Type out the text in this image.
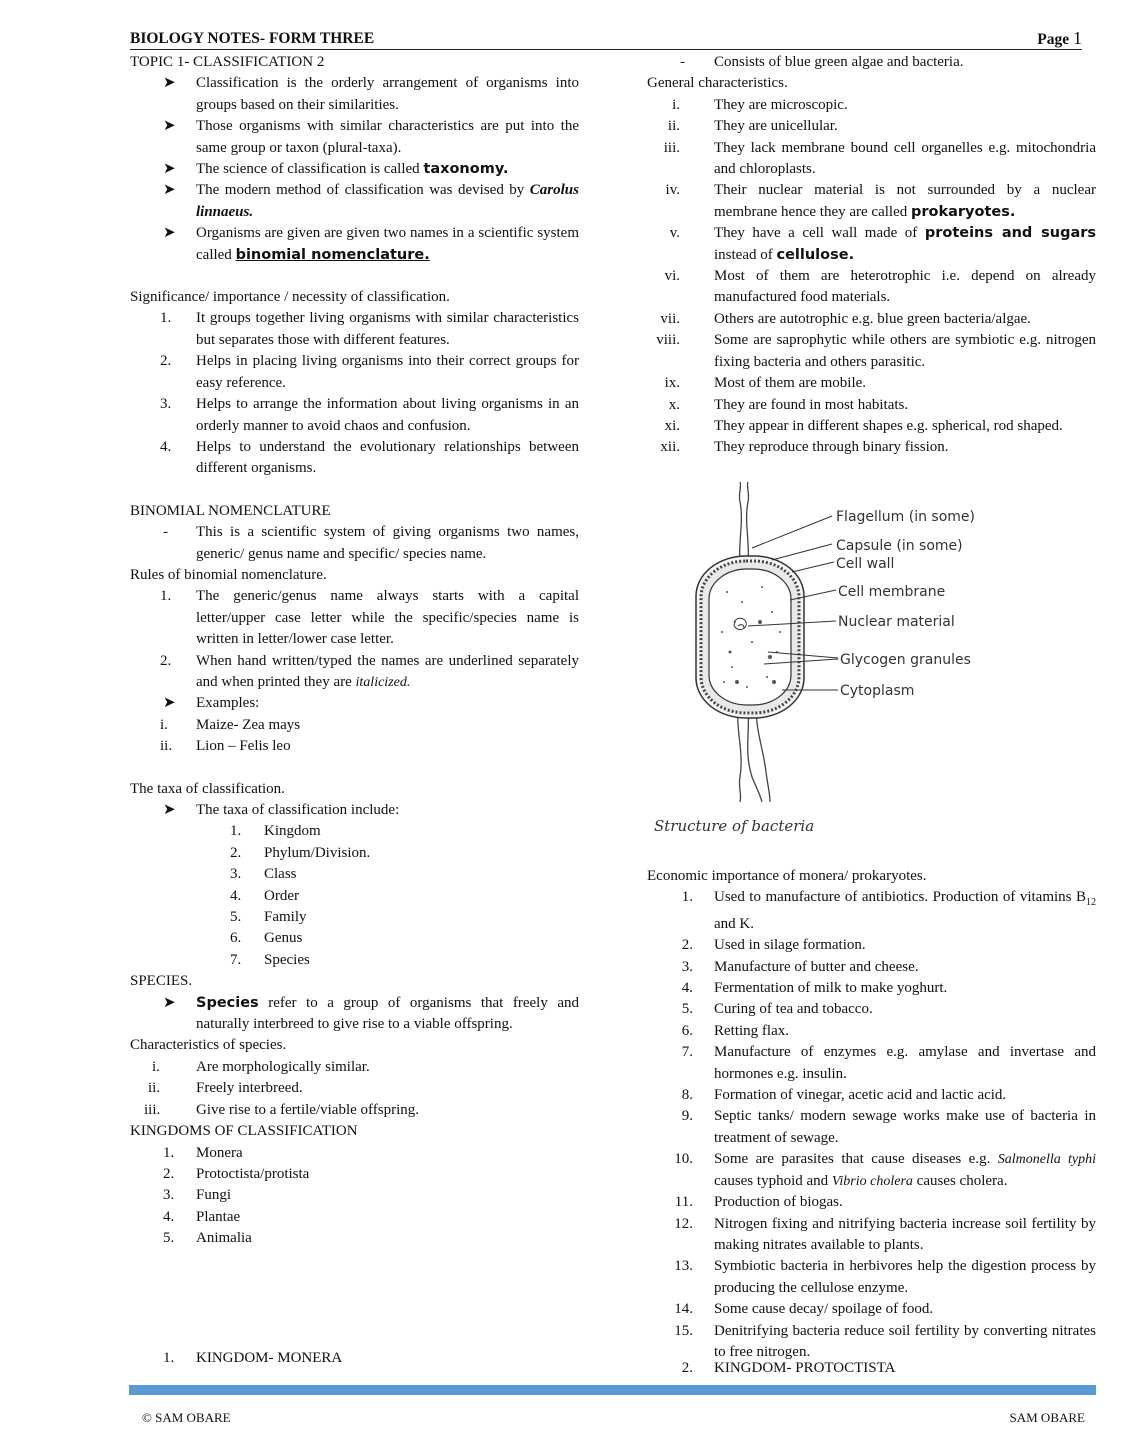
BIOLOGY NOTES- FORM THREE	Page 1
TOPIC 1- CLASSIFICATION 2
➤ Classification is the orderly arrangement of organisms into groups based on their similarities.
➤ Those organisms with similar characteristics are put into the same group or taxon (plural-taxa).
➤ The science of classification is called taxonomy.
➤ The modern method of classification was devised by Carolus linnaeus.
➤ Organisms are given are given two names in a scientific system called binomial nomenclature.
Significance/ importance / necessity of classification.
1. It groups together living organisms with similar characteristics but separates those with different features.
2. Helps in placing living organisms into their correct groups for easy reference.
3. Helps to arrange the information about living organisms in an orderly manner to avoid chaos and confusion.
4. Helps to understand the evolutionary relationships between different organisms.
BINOMIAL NOMENCLATURE
- This is a scientific system of giving organisms two names, generic/ genus name and specific/ species name.
Rules of binomial nomenclature.
1. The generic/genus name always starts with a capital letter/upper case letter while the specific/species name is written in letter/lower case letter.
2. When hand written/typed the names are underlined separately and when printed they are italicized.
➤ Examples:
i. Maize- Zea mays
ii. Lion – Felis leo
The taxa of classification.
➤ The taxa of classification include:
1. Kingdom
2. Phylum/Division.
3. Class
4. Order
5. Family
6. Genus
7. Species
SPECIES.
➤ Species refer to a group of organisms that freely and naturally interbreed to give rise to a viable offspring.
Characteristics of species.
i. Are morphologically similar.
ii. Freely interbreed.
iii. Give rise to a fertile/viable offspring.
KINGDOMS OF CLASSIFICATION
1. Monera
2. Protoctista/protista
3. Fungi
4. Plantae
5. Animalia
1. KINGDOM- MONERA
- Consists of blue green algae and bacteria.
General characteristics.
i. They are microscopic.
ii. They are unicellular.
iii. They lack membrane bound cell organelles e.g. mitochondria and chloroplasts.
iv. Their nuclear material is not surrounded by a nuclear membrane hence they are called prokaryotes.
v. They have a cell wall made of proteins and sugars instead of cellulose.
vi. Most of them are heterotrophic i.e. depend on already manufactured food materials.
vii. Others are autotrophic e.g. blue green bacteria/algae.
viii. Some are saprophytic while others are symbiotic e.g. nitrogen fixing bacteria and others parasitic.
ix. Most of them are mobile.
x. They are found in most habitats.
xi. They appear in different shapes e.g. spherical, rod shaped.
xii. They reproduce through binary fission.
Flagellum (in some)
Capsule (in some)
Cell wall
Cell membrane
Nuclear material
Glycogen granules
Cytoplasm
Structure of bacteria
Economic importance of monera/ prokaryotes.
1. Used to manufacture of antibiotics. Production of vitamins $B_{12}$ and K.
2. Used in silage formation.
3. Manufacture of butter and cheese.
4. Fermentation of milk to make yoghurt.
5. Curing of tea and tobacco.
6. Retting flax.
7. Manufacture of enzymes e.g. amylase and invertase and hormones e.g. insulin.
8. Formation of vinegar, acetic acid and lactic acid.
9. Septic tanks/ modern sewage works make use of bacteria in treatment of sewage.
10. Some are parasites that cause diseases e.g. Salmonella typhi causes typhoid and Vibrio cholera causes cholera.
11. Production of biogas.
12. Nitrogen fixing and nitrifying bacteria increase soil fertility by making nitrates available to plants.
13. Symbiotic bacteria in herbivores help the digestion process by producing the cellulose enzyme.
14. Some cause decay/ spoilage of food.
15. Denitrifying bacteria reduce soil fertility by converting nitrates to free nitrogen.
2. KINGDOM- PROTOCTISTA
© SAM OBARE	SAM OBARE
